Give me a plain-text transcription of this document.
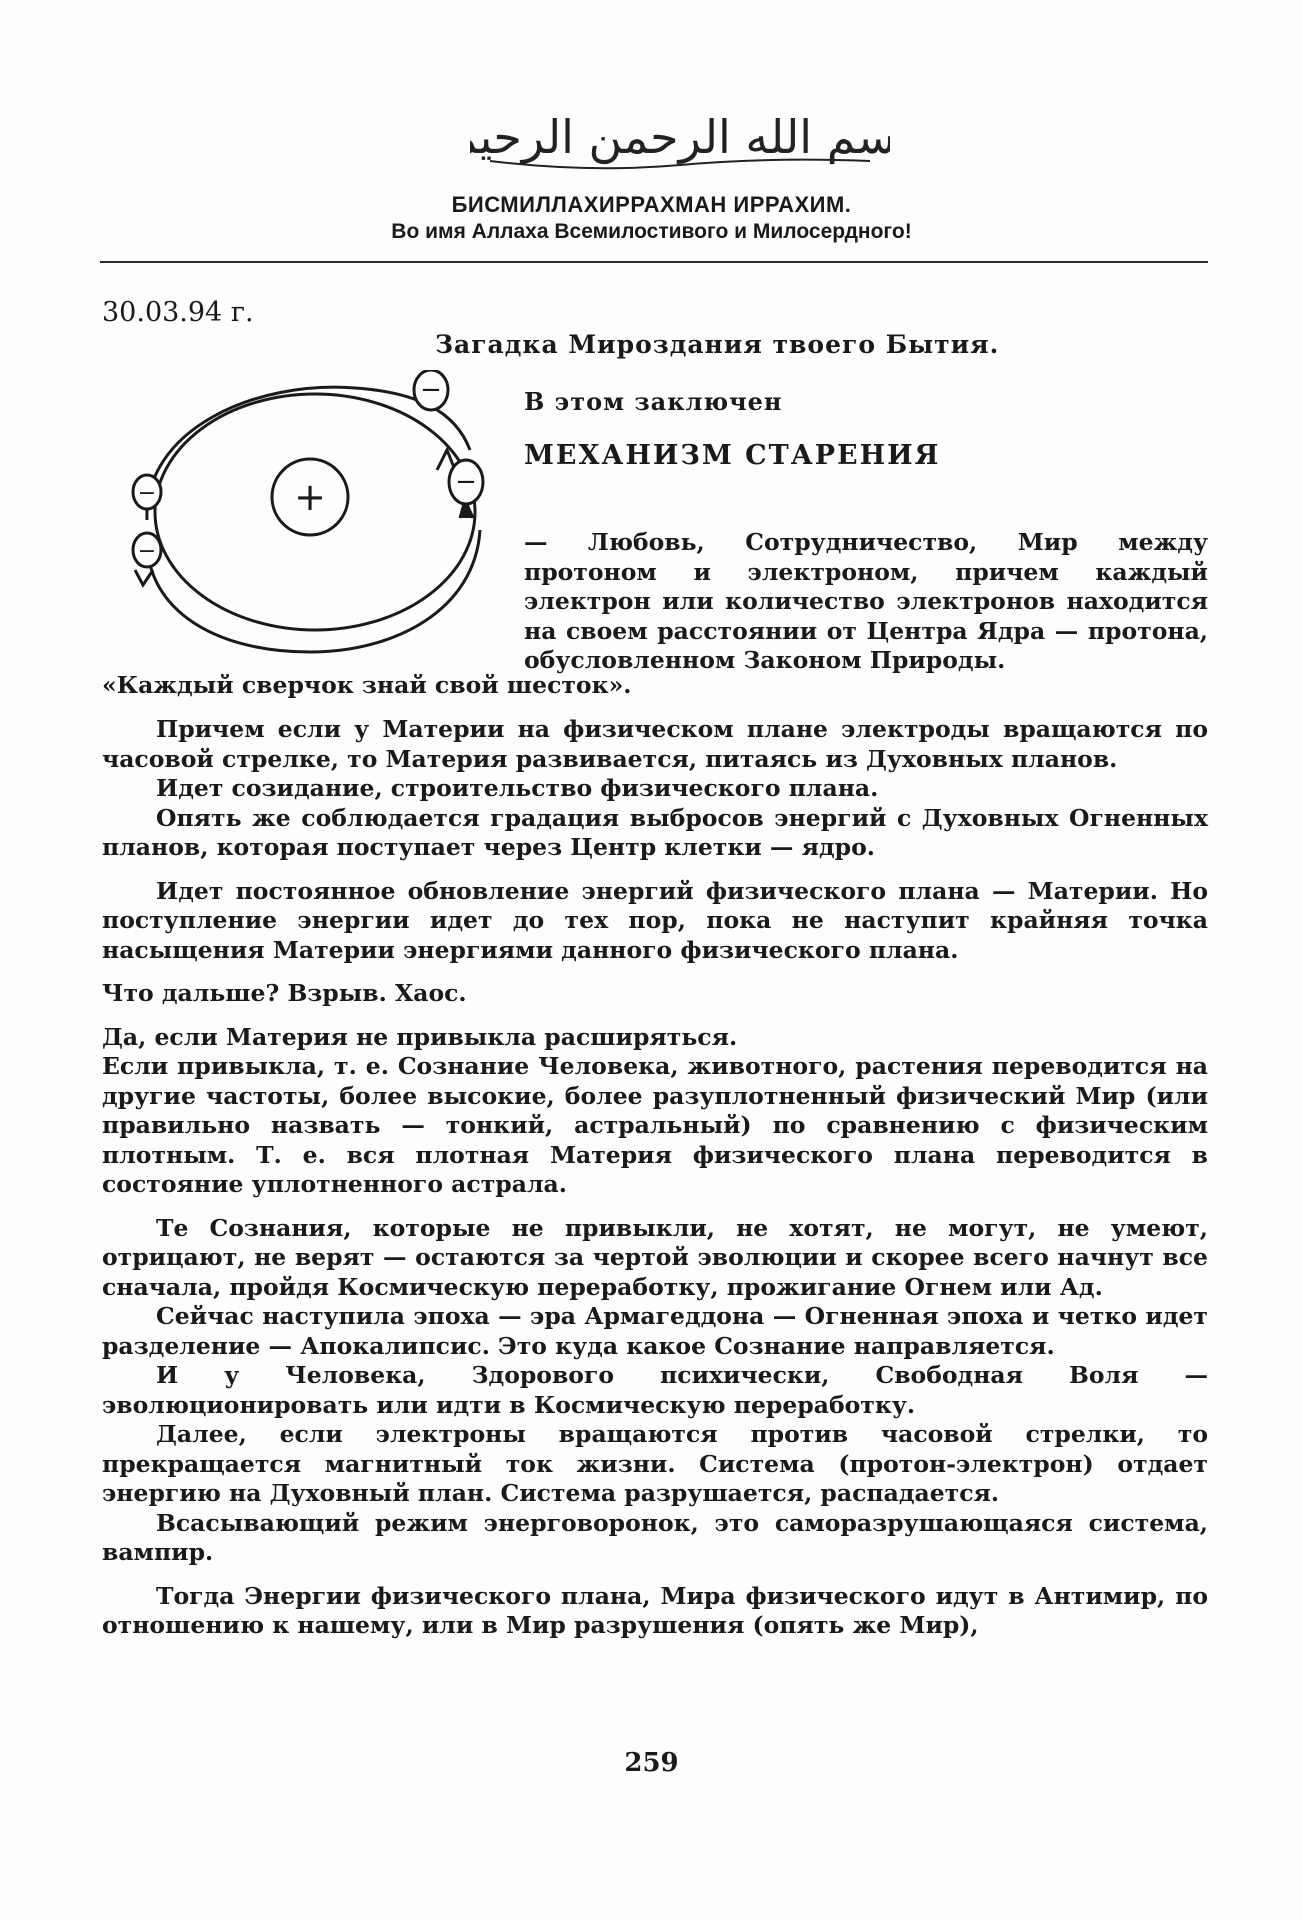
بسم الله الرحمن الرحيم
БИСМИЛЛАХИРРАХМАН ИРРАХИМ.
Во имя Аллаха Всемилостивого и Милосердного!
30.03.94 г.
Загадка Мироздания твоего Бытия.
В этом заключен
МЕХАНИЗМ СТАРЕНИЯ
+
−
−
−
−	— Любовь, Сотрудничество, Мир между протоном и электроном, причем каждый электрон или количество электронов находится на своем расстоянии от Центра Ядра — протона, обусловленном Законом Природы.

«Каждый сверчок знай свой шесток».

Причем если у Материи на физическом плане электроды вращаются по часовой стрелке, то Материя развивается, питаясь из Духовных планов.

Идет созидание, строительство физического плана.

Опять же соблюдается градация выбросов энергий с Духовных Огненных планов, которая поступает через Центр клетки — ядро.

Идет постоянное обновление энергий физического плана — Материи. Но поступление энергии идет до тех пор, пока не наступит крайняя точка насыщения Материи энергиями данного физического плана.

Что дальше? Взрыв. Хаос.

Да, если Материя не привыкла расширяться.

Если привыкла, т. е. Сознание Человека, животного, растения переводится на другие частоты, более высокие, более разуплотненный физический Мир (или правильно назвать — тонкий, астральный) по сравнению с физическим плотным. Т. е. вся плотная Материя физического плана переводится в состояние уплотненного астрала.

Те Сознания, которые не привыкли, не хотят, не могут, не умеют, отрицают, не верят — остаются за чертой эволюции и скорее всего начнут все сначала, пройдя Космическую переработку, прожигание Огнем или Ад.

Сейчас наступила эпоха — эра Армагеддона — Огненная эпоха и четко идет разделение — Апокалипсис. Это куда какое Сознание направляется.

И у Человека, Здорового психически, Свободная Воля — эволюционировать или идти в Космическую переработку.

Далее, если электроны вращаются против часовой стрелки, то прекращается магнитный ток жизни. Система (протон-электрон) отдает энергию на Духовный план. Система разрушается, распадается.

Всасывающий режим энерговоронок, это саморазрушающаяся система, вампир.

Тогда Энергии физического плана, Мира физического идут в Антимир, по отношению к нашему, или в Мир разрушения (опять же Мир),

259
